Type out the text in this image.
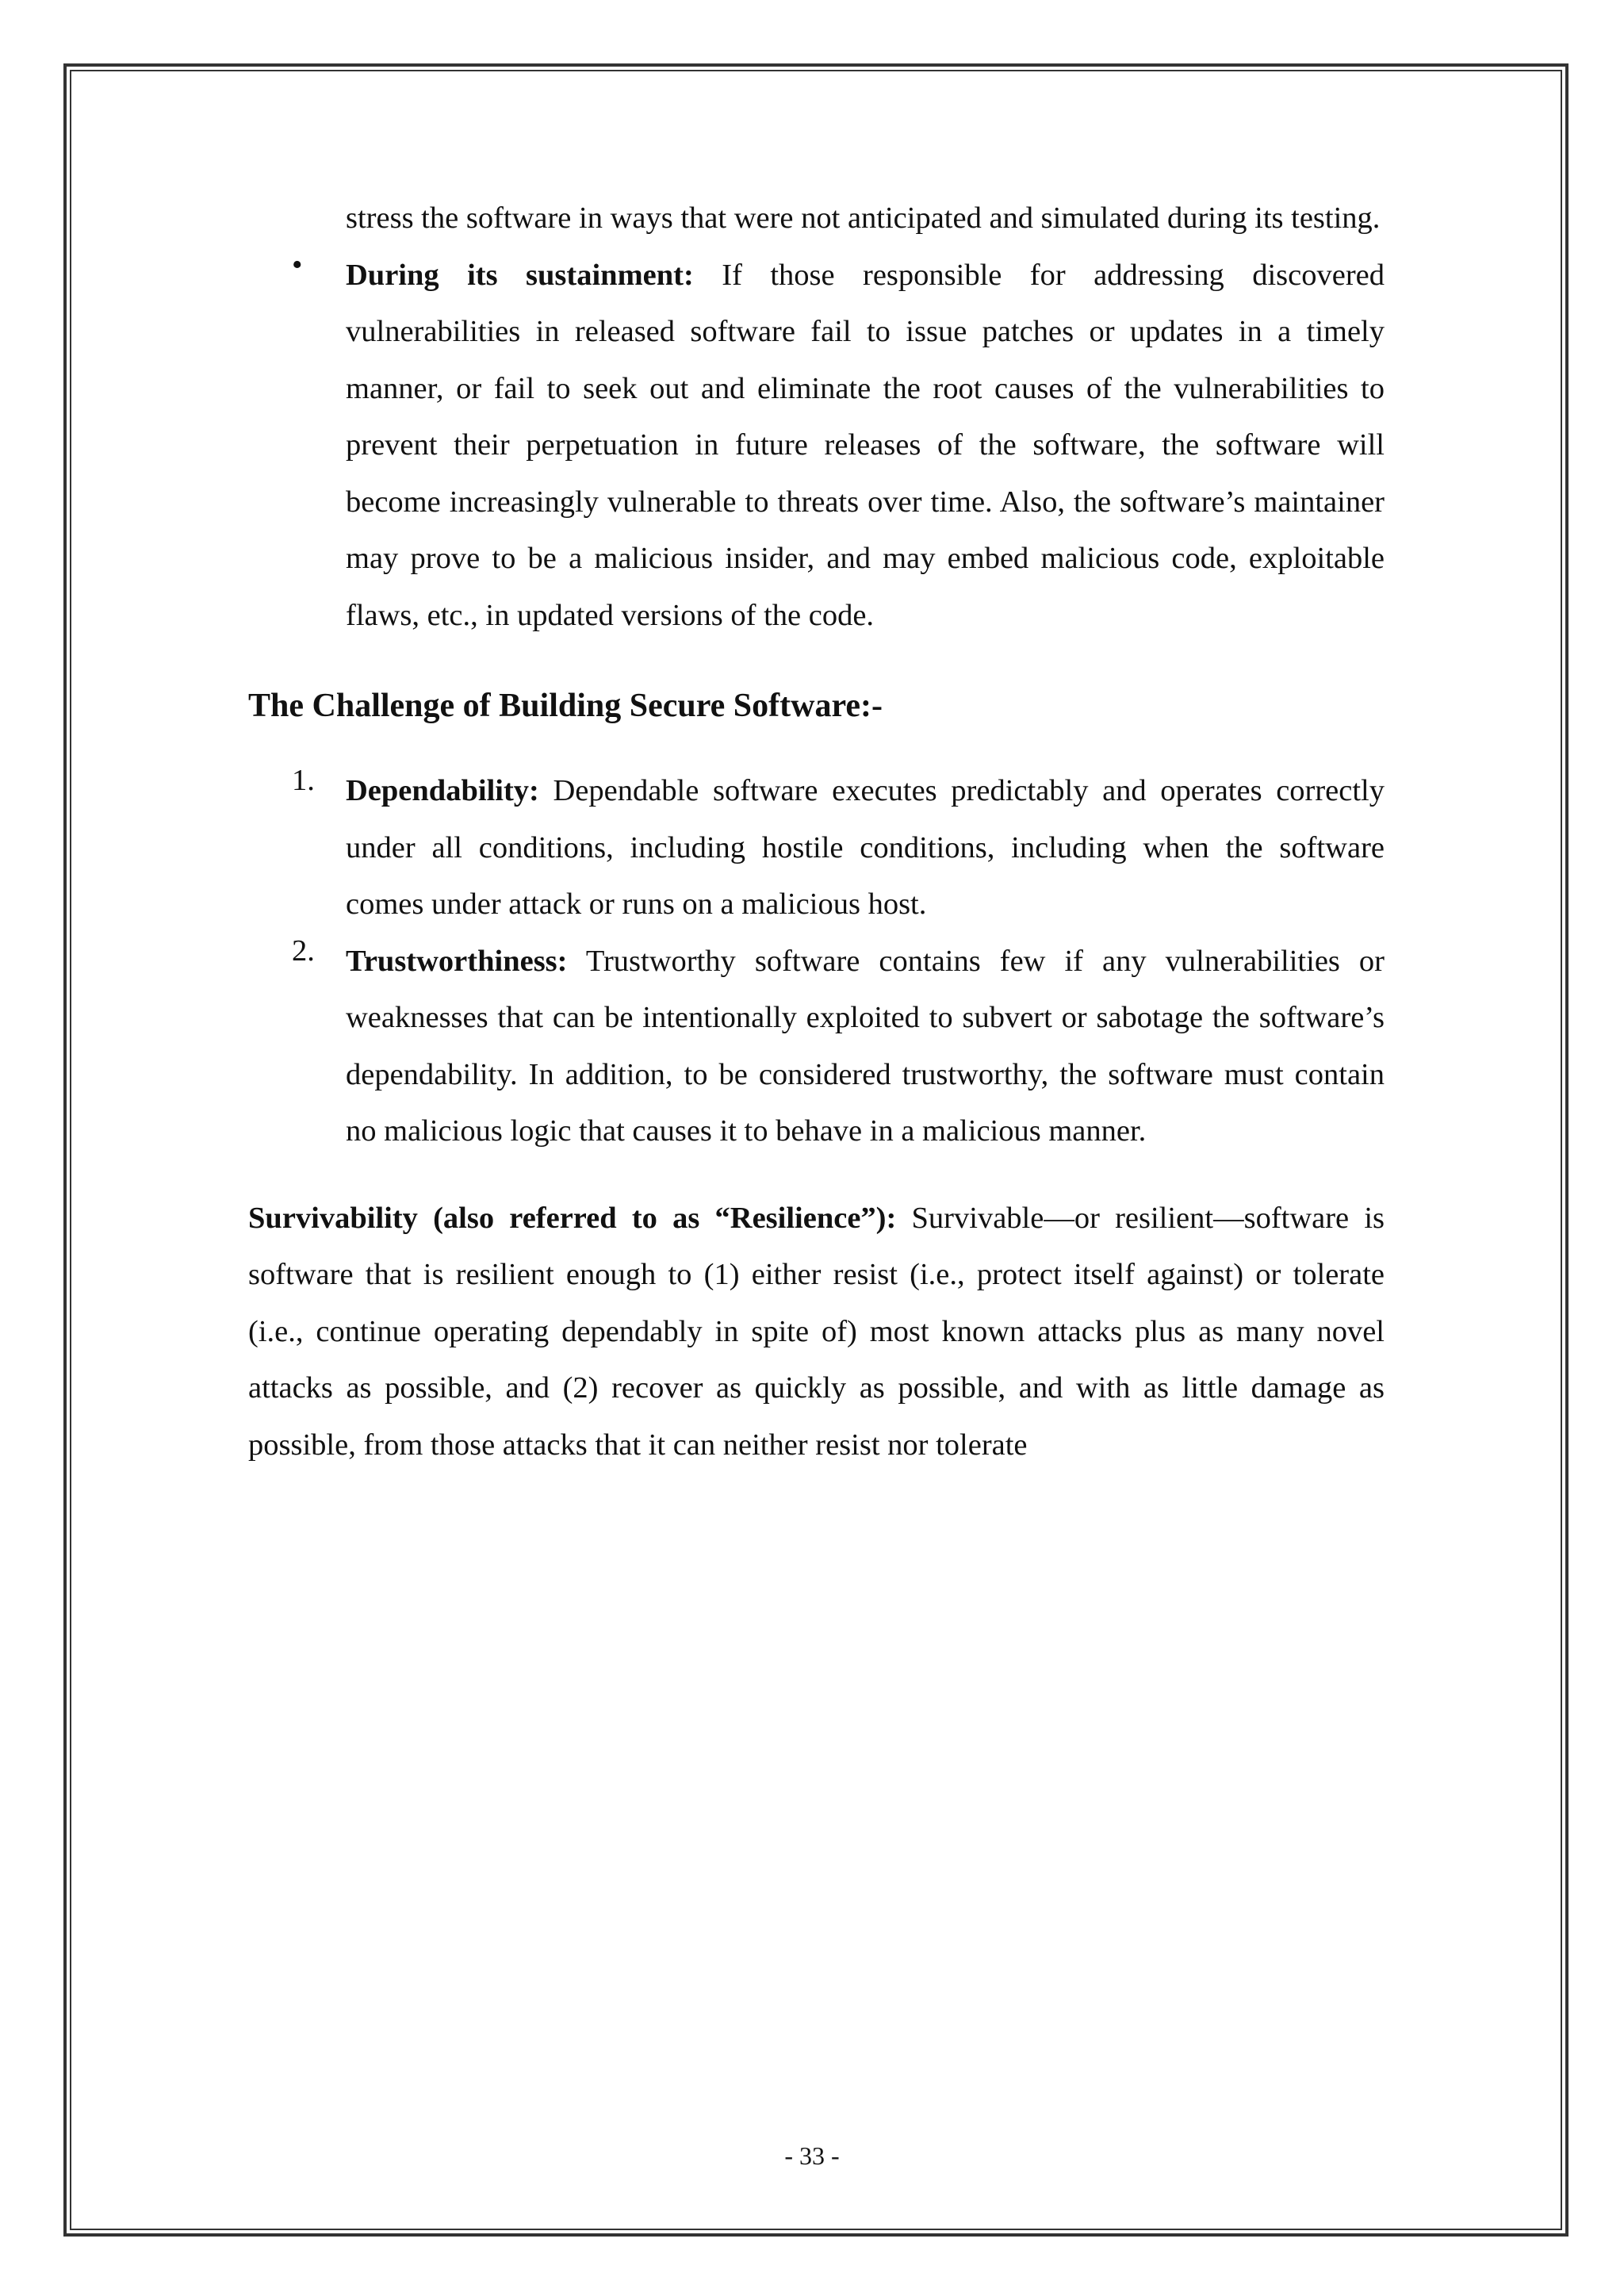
stress the software in ways that were not anticipated and simulated during its testing.

•	During its sustainment: If those responsible for addressing discovered vulnerabilities in released software fail to issue patches or updates in a timely manner, or fail to seek out and eliminate the root causes of the vulnerabilities to prevent their perpetuation in future releases of the software, the software will become increasingly vulnerable to threats over time. Also, the software’s maintainer may prove to be a malicious insider, and may embed malicious code, exploitable flaws, etc., in updated versions of the code.

The Challenge of Building Secure Software:-
1.	Dependability: Dependable software executes predictably and operates correctly under all conditions, including hostile conditions, including when the software comes under attack or runs on a malicious host.

2.	Trustworthiness: Trustworthy software contains few if any vulnerabilities or weaknesses that can be intentionally exploited to subvert or sabotage the software’s dependability. In addition, to be considered trustworthy, the software must contain no malicious logic that causes it to behave in a malicious manner.

Survivability (also referred to as “Resilience”): Survivable—or resilient—software is software that is resilient enough to (1) either resist (i.e., protect itself against) or tolerate (i.e., continue operating dependably in spite of) most known attacks plus as many novel attacks as possible, and (2) recover as quickly as possible, and with as little damage as possible, from those attacks that it can neither resist nor tolerate

- 33 -
